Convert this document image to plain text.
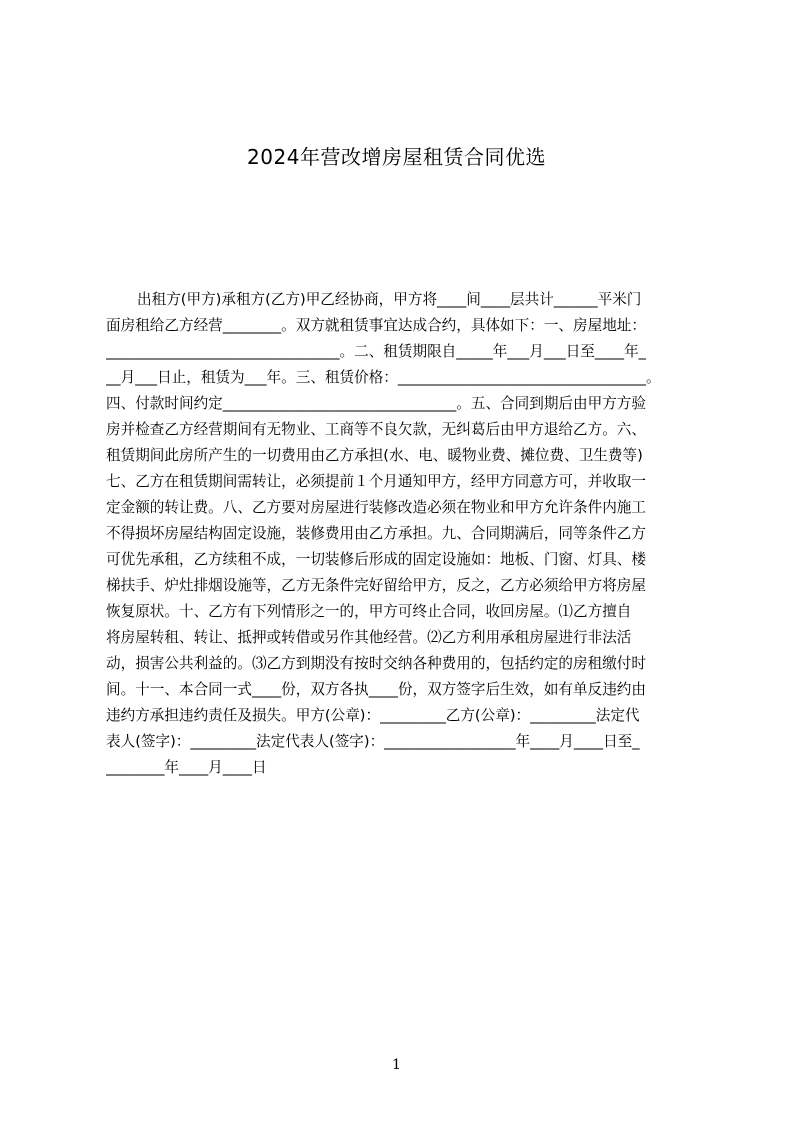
2024年营改增房屋租赁合同优选
出租方(甲方)承租方(乙方)甲乙经协商，甲方将____间____层共计______平米门
面房租给乙方经营________。双方就租赁事宜达成合约，具体如下：一、房屋地址：
________________________________。二、租赁期限自_____年___月___日至____年_
__月___日止，租赁为___年。三、租赁价格：__________________________________。
四、付款时间约定________________________________。五、合同到期后由甲方方验
房并检查乙方经营期间有无物业、工商等不良欠款，无纠葛后由甲方退给乙方。六、
租赁期间此房所产生的一切费用由乙方承担(水、电、暖物业费、摊位费、卫生费等)
七、乙方在租赁期间需转让，必须提前１个月通知甲方，经甲方同意方可，并收取一
定金额的转让费。八、乙方要对房屋进行装修改造必须在物业和甲方允许条件内施工
不得损坏房屋结构固定设施，装修费用由乙方承担。九、合同期满后，同等条件乙方
可优先承租，乙方续租不成，一切装修后形成的固定设施如：地板、门窗、灯具、楼
梯扶手、炉灶排烟设施等，乙方无条件完好留给甲方，反之，乙方必须给甲方将房屋
恢复原状。十、乙方有下列情形之一的，甲方可终止合同，收回房屋。⑴乙方擅自
将房屋转租、转让、抵押或转借或另作其他经营。⑵乙方利用承租房屋进行非法活
动，损害公共利益的。⑶乙方到期没有按时交纳各种费用的，包括约定的房租缴付时
间。十一、本合同一式____份，双方各执____份，双方签字后生效，如有单反违约由
违约方承担违约责任及损失。甲方(公章)：_________乙方(公章)：_________法定代
表人(签字)：_________法定代表人(签字)：__________________年____月____日至_
________年____月____日
1
